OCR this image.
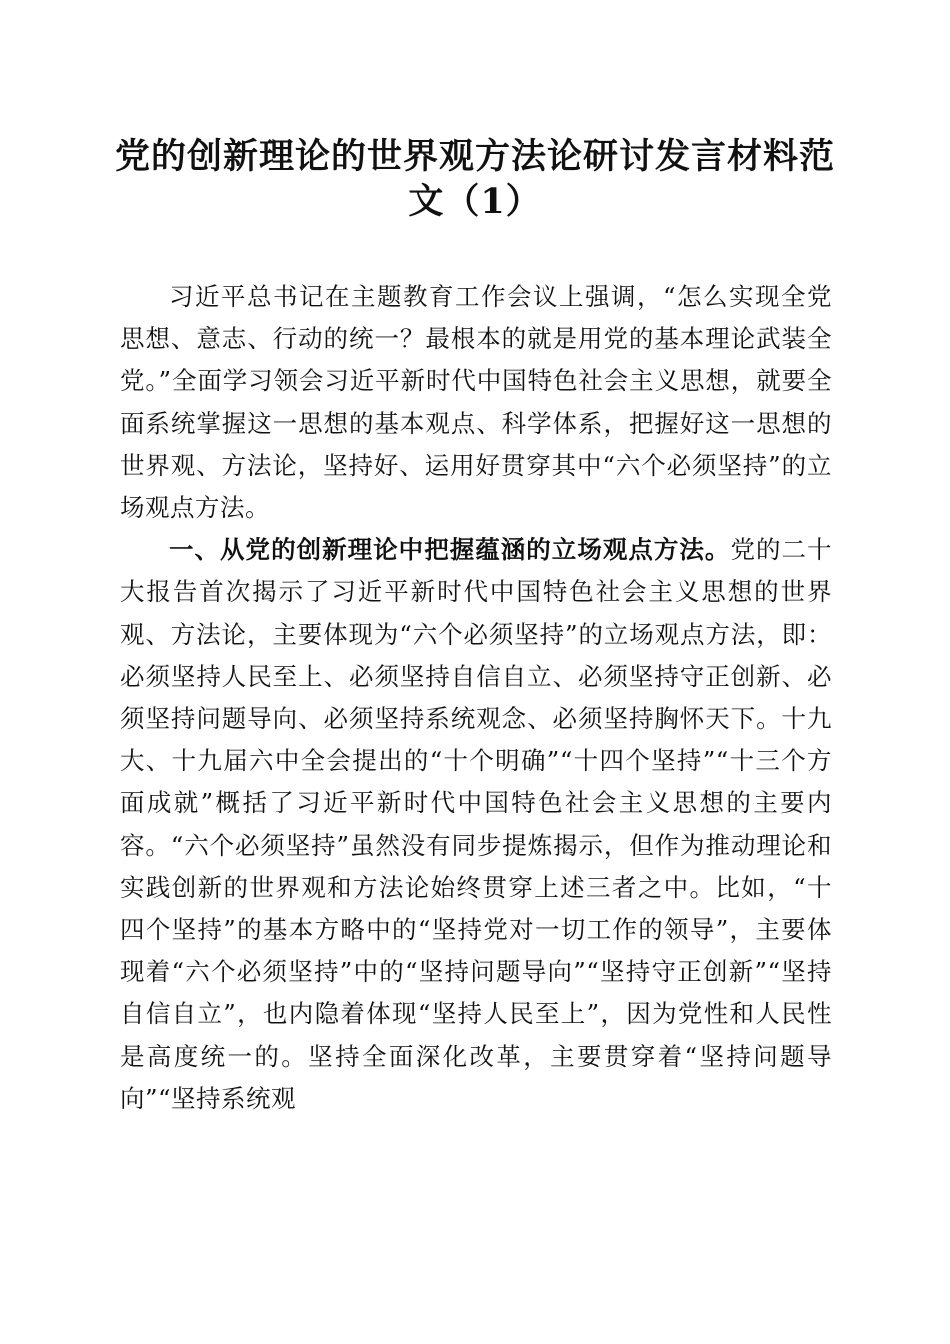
党的创新理论的世界观方法论研讨发言材料范文（1）

习近平总书记在主题教育工作会议上强调，“怎么实现全党思想、意志、行动的统一？最根本的就是用党的基本理论武装全党。”全面学习领会习近平新时代中国特色社会主义思想，就要全面系统掌握这一思想的基本观点、科学体系，把握好这一思想的世界观、方法论，坚持好、运用好贯穿其中“六个必须坚持”的立场观点方法。

一、从党的创新理论中把握蕴涵的立场观点方法。党的二十大报告首次揭示了习近平新时代中国特色社会主义思想的世界观、方法论，主要体现为“六个必须坚持”的立场观点方法，即：必须坚持人民至上、必须坚持自信自立、必须坚持守正创新、必须坚持问题导向、必须坚持系统观念、必须坚持胸怀天下。十九大、十九届六中全会提出的“十个明确”“十四个坚持”“十三个方面成就”概括了习近平新时代中国特色社会主义思想的主要内容。“六个必须坚持”虽然没有同步提炼揭示，但作为推动理论和实践创新的世界观和方法论始终贯穿上述三者之中。比如，“十四个坚持”的基本方略中的“坚持党对一切工作的领导”，主要体现着“六个必须坚持”中的“坚持问题导向”“坚持守正创新”“坚持自信自立”，也内隐着体现“坚持人民至上”，因为党性和人民性是高度统一的。坚持全面深化改革，主要贯穿着“坚持问题导向”“坚持系统观
